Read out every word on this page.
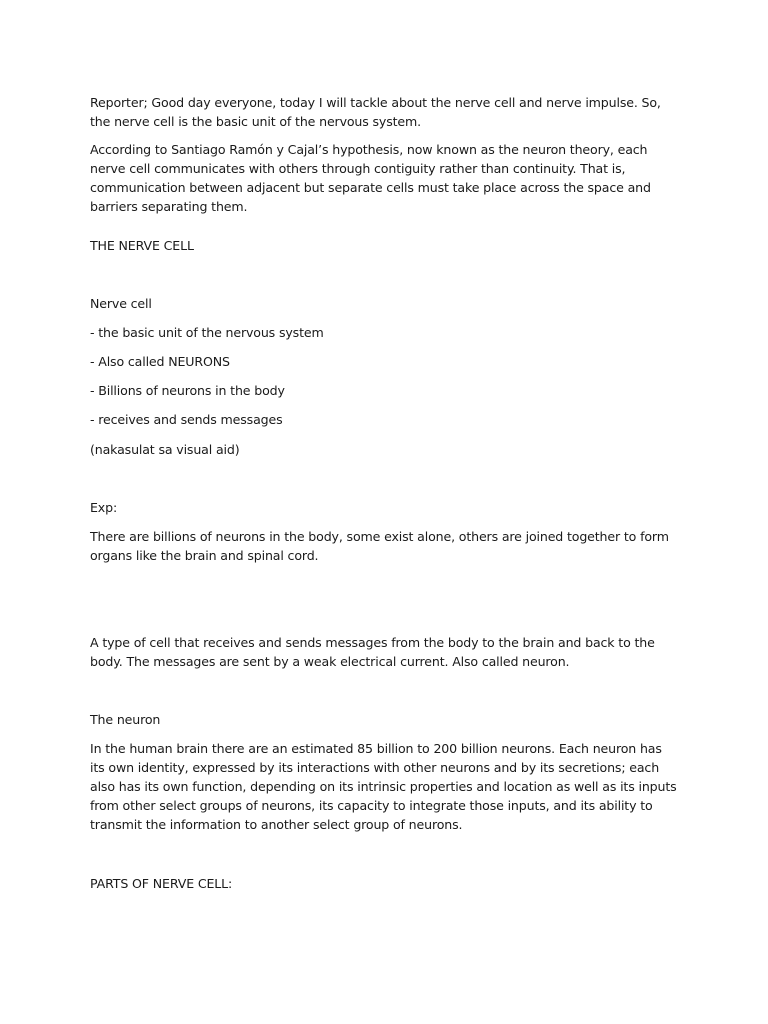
Reporter; Good day everyone, today I will tackle about the nerve cell and nerve impulse. So, the nerve cell is the basic unit of the nervous system.

According to Santiago Ramón y Cajal’s hypothesis, now known as the neuron theory, each nerve cell communicates with others through contiguity rather than continuity. That is, communication between adjacent but separate cells must take place across the space and barriers separating them.

THE NERVE CELL

Nerve cell

- the basic unit of the nervous system

- Also called NEURONS

- Billions of neurons in the body

- receives and sends messages

(nakasulat sa visual aid)

Exp:

There are billions of neurons in the body, some exist alone, others are joined together to form organs like the brain and spinal cord.

A type of cell that receives and sends messages from the body to the brain and back to the body. The messages are sent by a weak electrical current. Also called neuron.

The neuron

In the human brain there are an estimated 85 billion to 200 billion neurons. Each neuron has its own identity, expressed by its interactions with other neurons and by its secretions; each also has its own function, depending on its intrinsic properties and location as well as its inputs from other select groups of neurons, its capacity to integrate those inputs, and its ability to transmit the information to another select group of neurons.

PARTS OF NERVE CELL:
